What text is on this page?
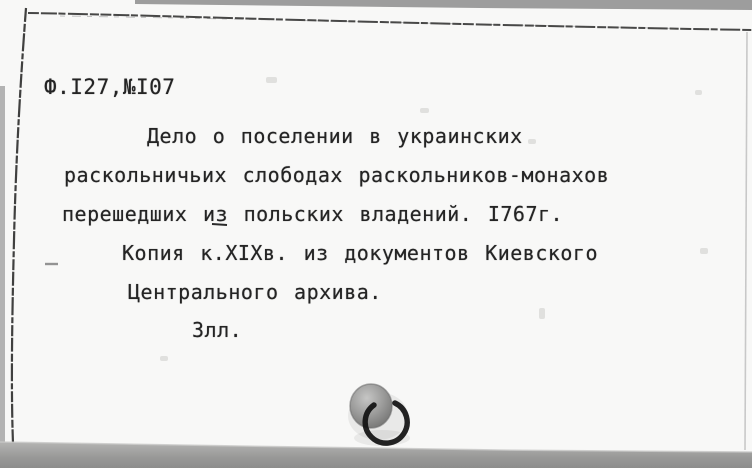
Ф.I27,№I07
Дело о поселении в украинских
раскольничьих слободах раскольников-монахов
перешедших из польских владений. I767г.
Копия к.XIXв. из документов Киевского
Центрального архива.
3лл.
